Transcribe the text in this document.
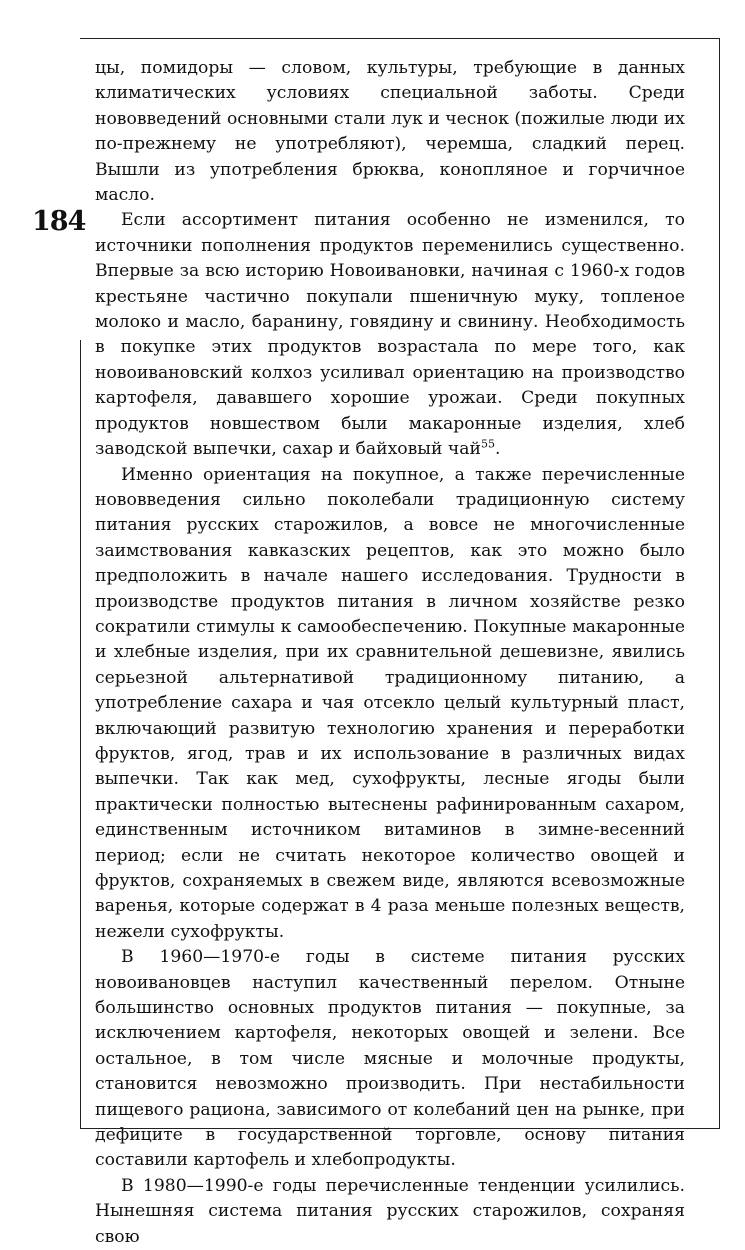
184

цы, помидоры — словом, культуры, требующие в данных климатических условиях специальной заботы. Среди нововведений основными стали лук и чеснок (пожилые люди их по-прежнему не употребляют), черемша, сладкий перец. Вышли из употребления брюква, конопляное и горчичное масло.

Если ассортимент питания особенно не изменился, то источники пополнения продуктов переменились существенно. Впервые за всю историю Новоивановки, начиная с 1960-х годов крестьяне частично покупали пшеничную муку, топленое молоко и масло, баранину, говядину и свинину. Необходимость в покупке этих продуктов возрастала по мере того, как новоивановский колхоз усиливал ориентацию на производство картофеля, дававшего хорошие урожаи. Среди покупных продуктов новшеством были макаронные изделия, хлеб заводской выпечки, сахар и байховый чай$^{55}$.

Именно ориентация на покупное, а также перечисленные нововведения сильно поколебали традиционную систему питания русских старожилов, а вовсе не многочисленные заимствования кавказских рецептов, как это можно было предположить в начале нашего исследования. Трудности в производстве продуктов питания в личном хозяйстве резко сократили стимулы к самообеспечению. Покупные макаронные и хлебные изделия, при их сравнительной дешевизне, явились серьезной альтернативой традиционному питанию, а употребление сахара и чая отсекло целый культурный пласт, включающий развитую технологию хранения и переработки фруктов, ягод, трав и их использование в различных видах выпечки. Так как мед, сухофрукты, лесные ягоды были практически полностью вытеснены рафинированным сахаром, единственным источником витаминов в зимне-весенний период; если не считать некоторое количество овощей и фруктов, сохраняемых в свежем виде, являются всевозможные варенья, которые содержат в 4 раза меньше полезных веществ, нежели сухофрукты.

В 1960—1970-е годы в системе питания русских новоивановцев наступил качественный перелом. Отныне большинство основных продуктов питания — покупные, за исключением картофеля, некоторых овощей и зелени. Все остальное, в том числе мясные и молочные продукты, становится невозможно производить. При нестабильности пищевого рациона, зависимого от колебаний цен на рынке, при дефиците в государственной торговле, основу питания составили картофель и хлебопродукты.

В 1980—1990-е годы перечисленные тенденции усилились. Нынешняя система питания русских старожилов, сохраняя свою
